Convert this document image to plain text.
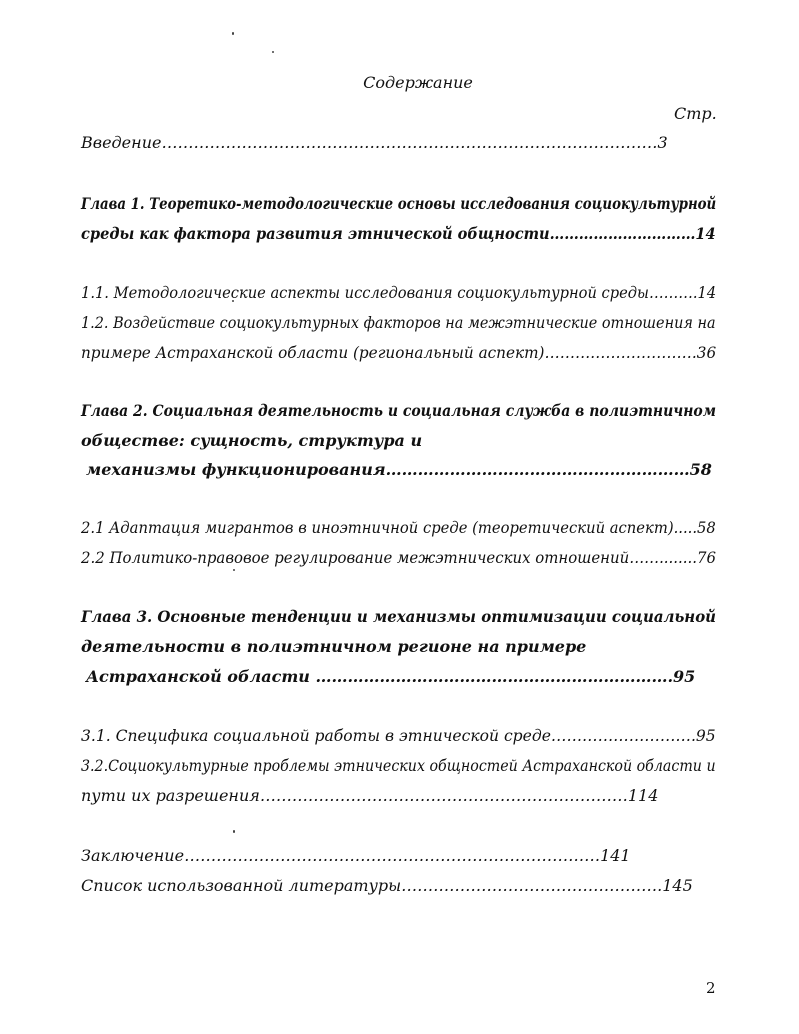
Содержание
Стр.
Введение…………………………………………………………………………………3
Глава 1. Теоретико-методологические основы исследования социокультурной
среды как фактора развития этнической общности…………………………14
1.1. Методологические аспекты исследования социокультурной среды……….14
1.2. Воздействие социокультурных факторов на межэтнические отношения на
примере Астраханской области (региональный аспект)…………………………36
Глава 2. Социальная деятельность и социальная служба в полиэтничном
обществе: сущность, структура и
механизмы функционирования…………………………………………………58
2.1 Адаптация мигрантов в иноэтничной среде (теоретический аспект).....58
2.2 Политико-правовое регулирование межэтнических отношений……........76
Глава 3. Основные тенденции и механизмы оптимизации социальной
деятельности в полиэтничном регионе на примере
Астраханской области ………………………………………………………….95
3.1. Специфика социальной работы в этнической среде……………………….95
3.2.Социокультурные проблемы этнических общностей Астраханской области и
пути их разрешения……………………………………………………………114
Заключение……………………………………………………………………141
Список использованной литературы………………………………………….145
2
